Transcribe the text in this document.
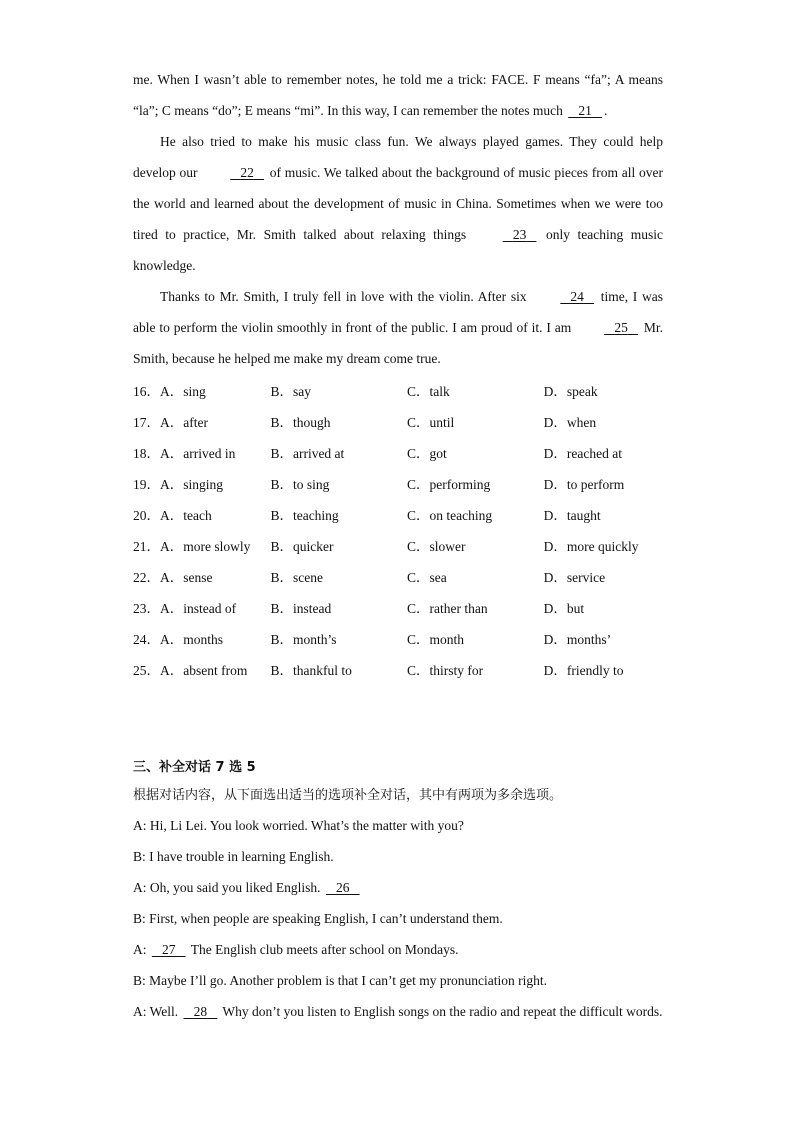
me. When I wasn’t able to remember notes, he told me a trick: FACE. F means “fa”; A means “la”; C means “do”; E means “mi”. In this way, I can remember the notes much 21 .

He also tried to make his music class fun. We always played games. They could help develop our	22 of music. We talked about the background of music pieces from all over the world and learned about the development of music in China. Sometimes when we were too tired to practice, Mr. Smith talked about relaxing things	23 only teaching music knowledge.

Thanks to Mr. Smith, I truly fell in love with the violin. After six	24 time, I was able to perform the violin smoothly in front of the public. I am proud of it. I am	25 Mr. Smith, because he helped me make my dream come true.

16．A．sing	B．say	C．talk	D．speak
17．A．after	B．though	C．until	D．when
18．A．arrived in	B．arrived at	C．got	D．reached at
19．A．singing	B．to sing	C．performing	D．to perform
20．A．teach	B．teaching	C．on teaching	D．taught
21．A．more slowly	B．quicker	C．slower	D．more quickly
22．A．sense	B．scene	C．sea	D．service
23．A．instead of	B．instead	C．rather than	D．but
24．A．months	B．month’s	C．month	D．months’
25．A．absent from	B．thankful to	C．thirsty for	D．friendly to
三、补全对话 7 选 5
根据对话内容，从下面选出适当的选项补全对话，其中有两项为多余选项。

A: Hi, Li Lei. You look worried. What’s the matter with you?

B: I have trouble in learning English.

A: Oh, you said you liked English. 26

B: First, when people are speaking English, I can’t understand them.

A: 27 The English club meets after school on Mondays.

B: Maybe I’ll go. Another problem is that I can’t get my pronunciation right.

A: Well. 28 Why don’t you listen to English songs on the radio and repeat the difficult words.
